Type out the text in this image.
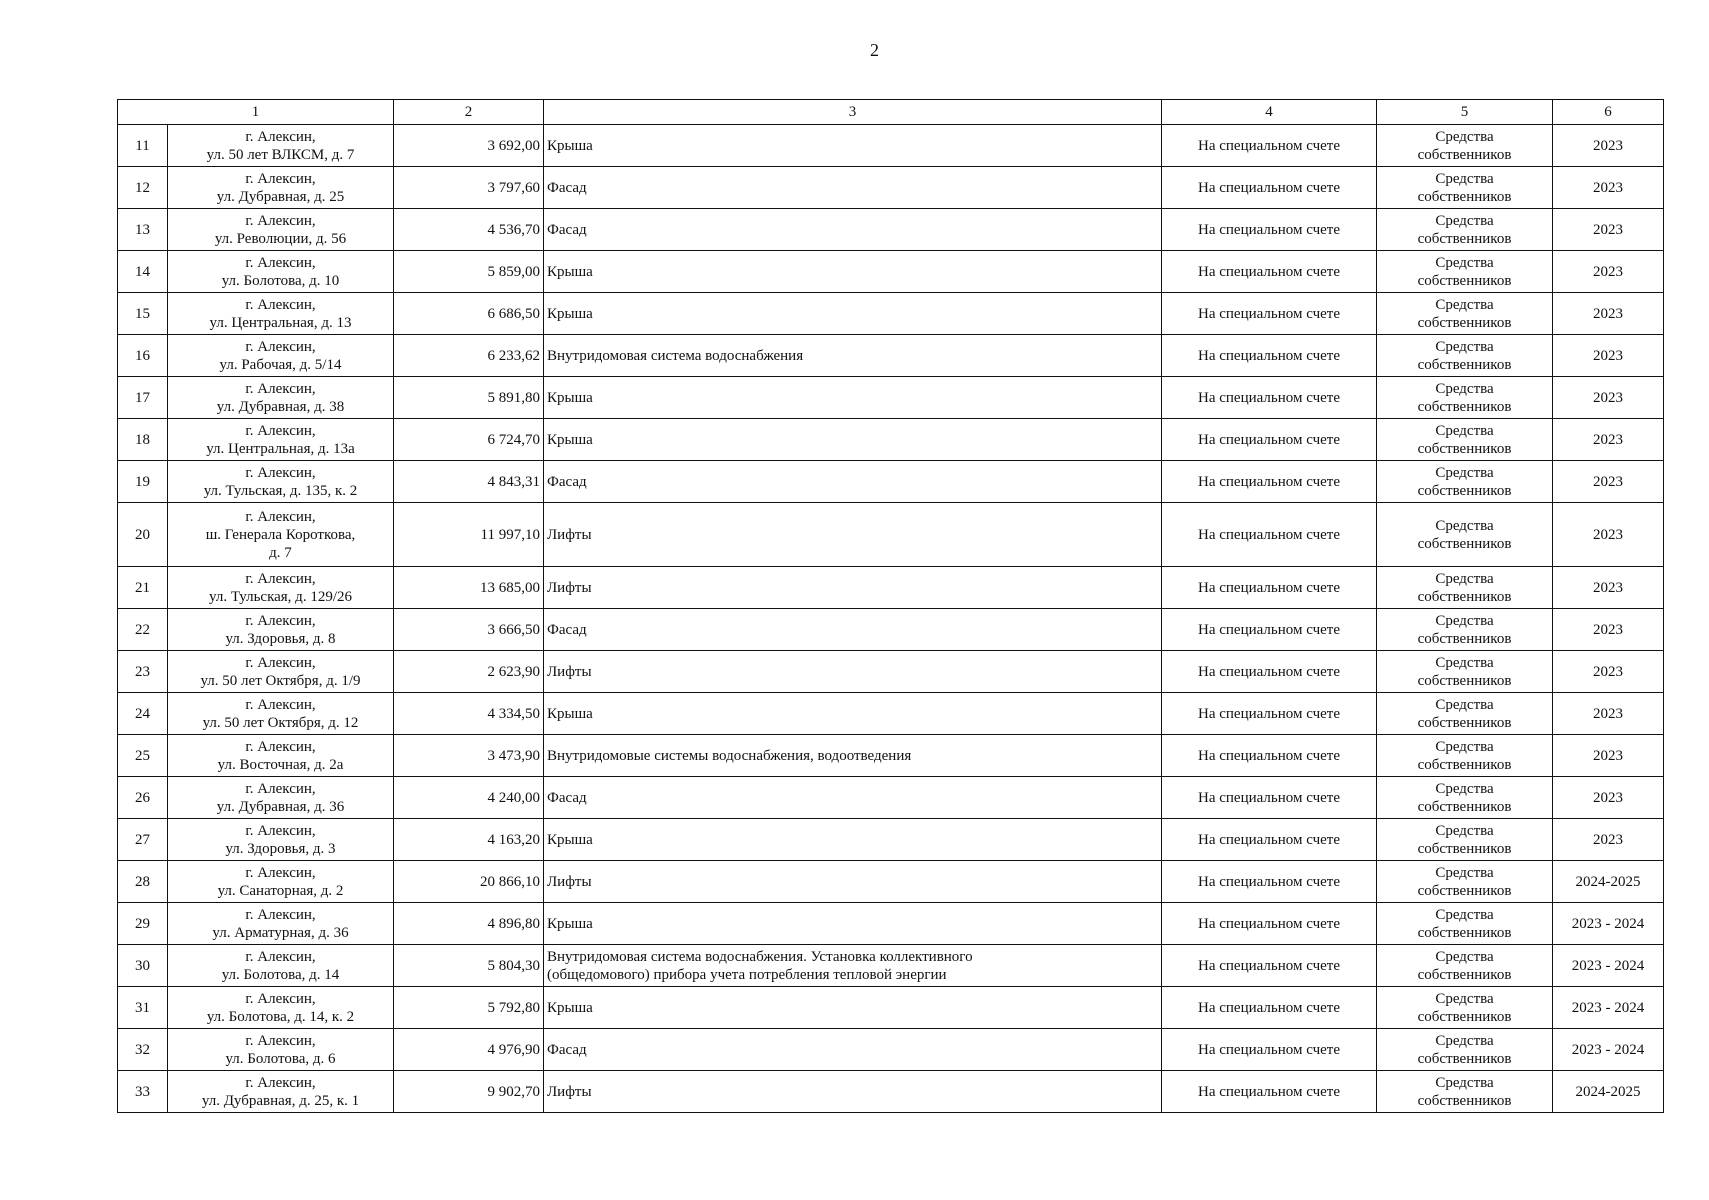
2
1		2	3	4	5	6

11	г. Алексин,
ул. 50 лет ВЛКСМ, д. 7	3 692,00	Крыша	На специальном счете	Средства
собственников	2023

12	г. Алексин,
ул. Дубравная, д. 25	3 797,60	Фасад	На специальном счете	Средства
собственников	2023

13	г. Алексин,
ул. Революции, д. 56	4 536,70	Фасад	На специальном счете	Средства
собственников	2023

14	г. Алексин,
ул. Болотова, д. 10	5 859,00	Крыша	На специальном счете	Средства
собственников	2023

15	г. Алексин,
ул. Центральная, д. 13	6 686,50	Крыша	На специальном счете	Средства
собственников	2023

16	г. Алексин,
ул. Рабочая, д. 5/14	6 233,62	Внутридомовая система водоснабжения	На специальном счете	Средства
собственников	2023

17	г. Алексин,
ул. Дубравная, д. 38	5 891,80	Крыша	На специальном счете	Средства
собственников	2023

18	г. Алексин,
ул. Центральная, д. 13а	6 724,70	Крыша	На специальном счете	Средства
собственников	2023

19	г. Алексин,
ул. Тульская, д. 135, к. 2	4 843,31	Фасад	На специальном счете	Средства
собственников	2023

20	г. Алексин,
ш. Генерала Короткова,
д. 7	11 997,10	Лифты	На специальном счете	Средства
собственников	2023

21	г. Алексин,
ул. Тульская, д. 129/26	13 685,00	Лифты	На специальном счете	Средства
собственников	2023

22	г. Алексин,
ул. Здоровья, д. 8	3 666,50	Фасад	На специальном счете	Средства
собственников	2023

23	г. Алексин,
ул. 50 лет Октября, д. 1/9	2 623,90	Лифты	На специальном счете	Средства
собственников	2023

24	г. Алексин,
ул. 50 лет Октября, д. 12	4 334,50	Крыша	На специальном счете	Средства
собственников	2023

25	г. Алексин,
ул. Восточная, д. 2а	3 473,90	Внутридомовые системы водоснабжения, водоотведения	На специальном счете	Средства
собственников	2023

26	г. Алексин,
ул. Дубравная, д. 36	4 240,00	Фасад	На специальном счете	Средства
собственников	2023

27	г. Алексин,
ул. Здоровья, д. 3	4 163,20	Крыша	На специальном счете	Средства
собственников	2023

28	г. Алексин,
ул. Санаторная, д. 2	20 866,10	Лифты	На специальном счете	Средства
собственников	2024-2025

29	г. Алексин,
ул. Арматурная, д. 36	4 896,80	Крыша	На специальном счете	Средства
собственников	2023 - 2024

30	г. Алексин,
ул. Болотова, д. 14	5 804,30	Внутридомовая система водоснабжения. Установка коллективного
(общедомового) прибора учета потребления тепловой энергии	На специальном счете	Средства
собственников	2023 - 2024

31	г. Алексин,
ул. Болотова, д. 14, к. 2	5 792,80	Крыша	На специальном счете	Средства
собственников	2023 - 2024

32	г. Алексин,
ул. Болотова, д. 6	4 976,90	Фасад	На специальном счете	Средства
собственников	2023 - 2024

33	г. Алексин,
ул. Дубравная, д. 25, к. 1	9 902,70	Лифты	На специальном счете	Средства
собственников	2024-2025
